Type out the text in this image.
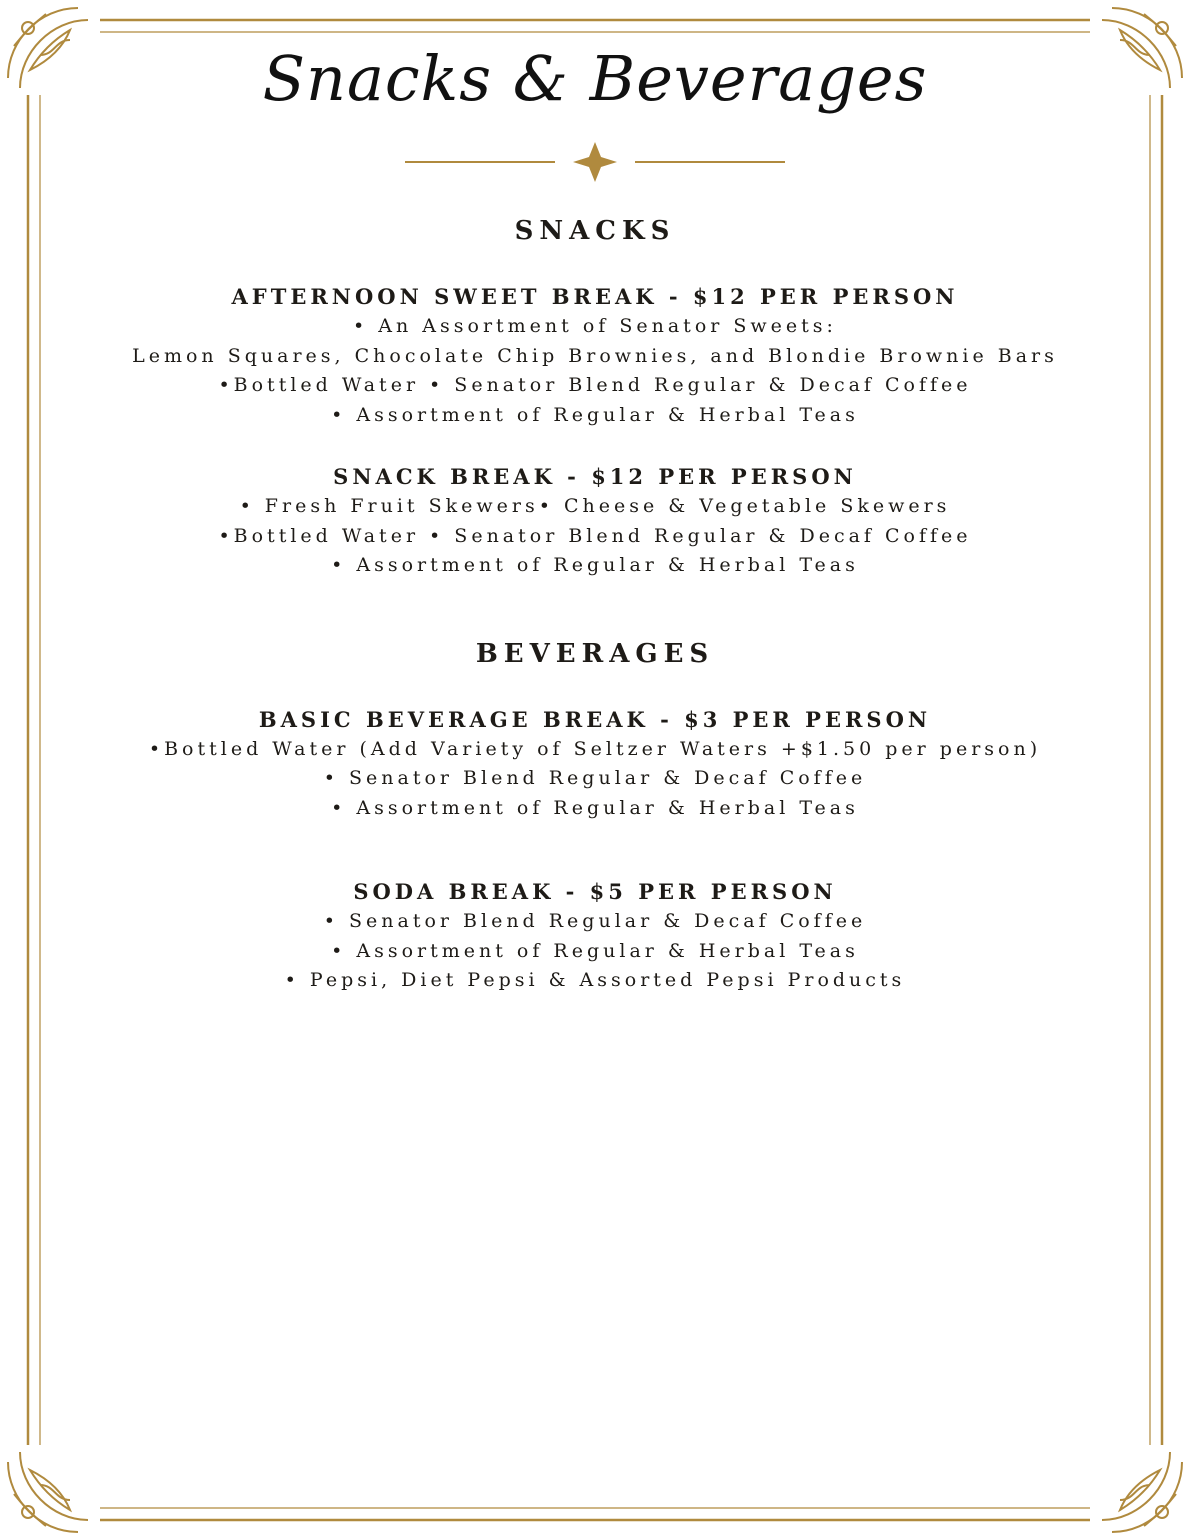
Snacks & Beverages
SNACKS
AFTERNOON SWEET BREAK - $12 PER PERSON

• An Assortment of Senator Sweets:

Lemon Squares, Chocolate Chip Brownies, and Blondie Brownie Bars

•Bottled Water • Senator Blend Regular & Decaf Coffee

• Assortment of Regular & Herbal Teas

SNACK BREAK - $12 PER PERSON

• Fresh Fruit Skewers• Cheese & Vegetable Skewers

•Bottled Water • Senator Blend Regular & Decaf Coffee

• Assortment of Regular & Herbal Teas

BEVERAGES
BASIC BEVERAGE BREAK - $3 PER PERSON

•Bottled Water (Add Variety of Seltzer Waters +$1.50 per person)

• Senator Blend Regular & Decaf Coffee

• Assortment of Regular & Herbal Teas

SODA BREAK - $5 PER PERSON

• Senator Blend Regular & Decaf Coffee

• Assortment of Regular & Herbal Teas

• Pepsi, Diet Pepsi & Assorted Pepsi Products
